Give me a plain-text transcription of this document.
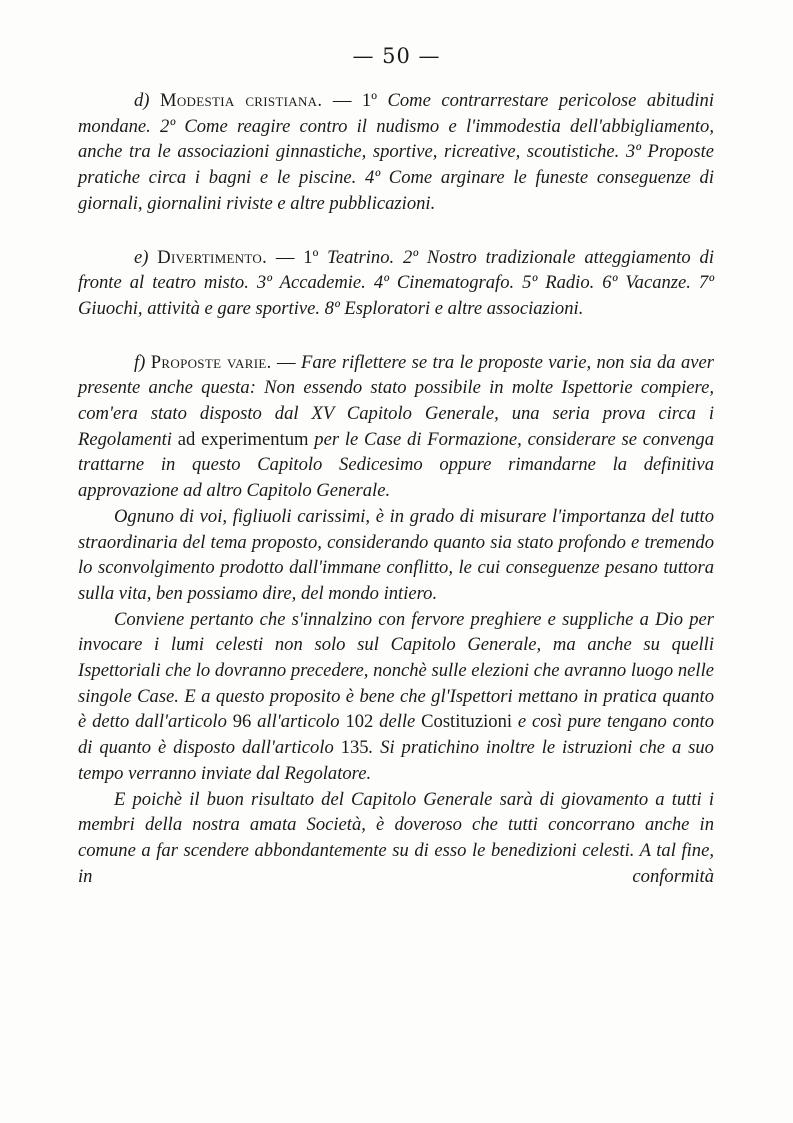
— 50 —

d) Modestia cristiana. — 1º Come contrarrestare pericolose abitudini mondane. 2º Come reagire contro il nudismo e l'immodestia dell'abbigliamento, anche tra le associazioni ginnastiche, sportive, ricreative, scoutistiche. 3º Proposte pratiche circa i bagni e le piscine. 4º Come arginare le funeste conseguenze di giornali, giornalini riviste e altre pubblicazioni.

e) Divertimento. — 1º Teatrino. 2º Nostro tradizionale atteggiamento di fronte al teatro misto. 3º Accademie. 4º Cinematografo. 5º Radio. 6º Vacanze. 7º Giuochi, attività e gare sportive. 8º Esploratori e altre associazioni.

f) Proposte varie. — Fare riflettere se tra le proposte varie, non sia da aver presente anche questa: Non essendo stato possibile in molte Ispettorie compiere, com'era stato disposto dal XV Capitolo Generale, una seria prova circa i Regolamenti ad experimentum per le Case di Formazione, considerare se convenga trattarne in questo Capitolo Sedicesimo oppure rimandarne la definitiva approvazione ad altro Capitolo Generale.

Ognuno di voi, figliuoli carissimi, è in grado di misurare l'importanza del tutto straordinaria del tema proposto, considerando quanto sia stato profondo e tremendo lo sconvolgimento prodotto dall'immane conflitto, le cui conseguenze pesano tuttora sulla vita, ben possiamo dire, del mondo intiero.

Conviene pertanto che s'innalzino con fervore preghiere e suppliche a Dio per invocare i lumi celesti non solo sul Capitolo Generale, ma anche su quelli Ispettoriali che lo dovranno precedere, nonchè sulle elezioni che avranno luogo nelle singole Case. E a questo proposito è bene che gl'Ispettori mettano in pratica quanto è detto dall'articolo 96 all'articolo 102 delle Costituzioni e così pure tengano conto di quanto è disposto dall'articolo 135. Si pratichino inoltre le istruzioni che a suo tempo verranno inviate dal Regolatore.

E poichè il buon risultato del Capitolo Generale sarà di giovamento a tutti i membri della nostra amata Società, è doveroso che tutti concorrano anche in comune a far scendere abbondantemente su di esso le benedizioni celesti. A tal fine, in conformità
